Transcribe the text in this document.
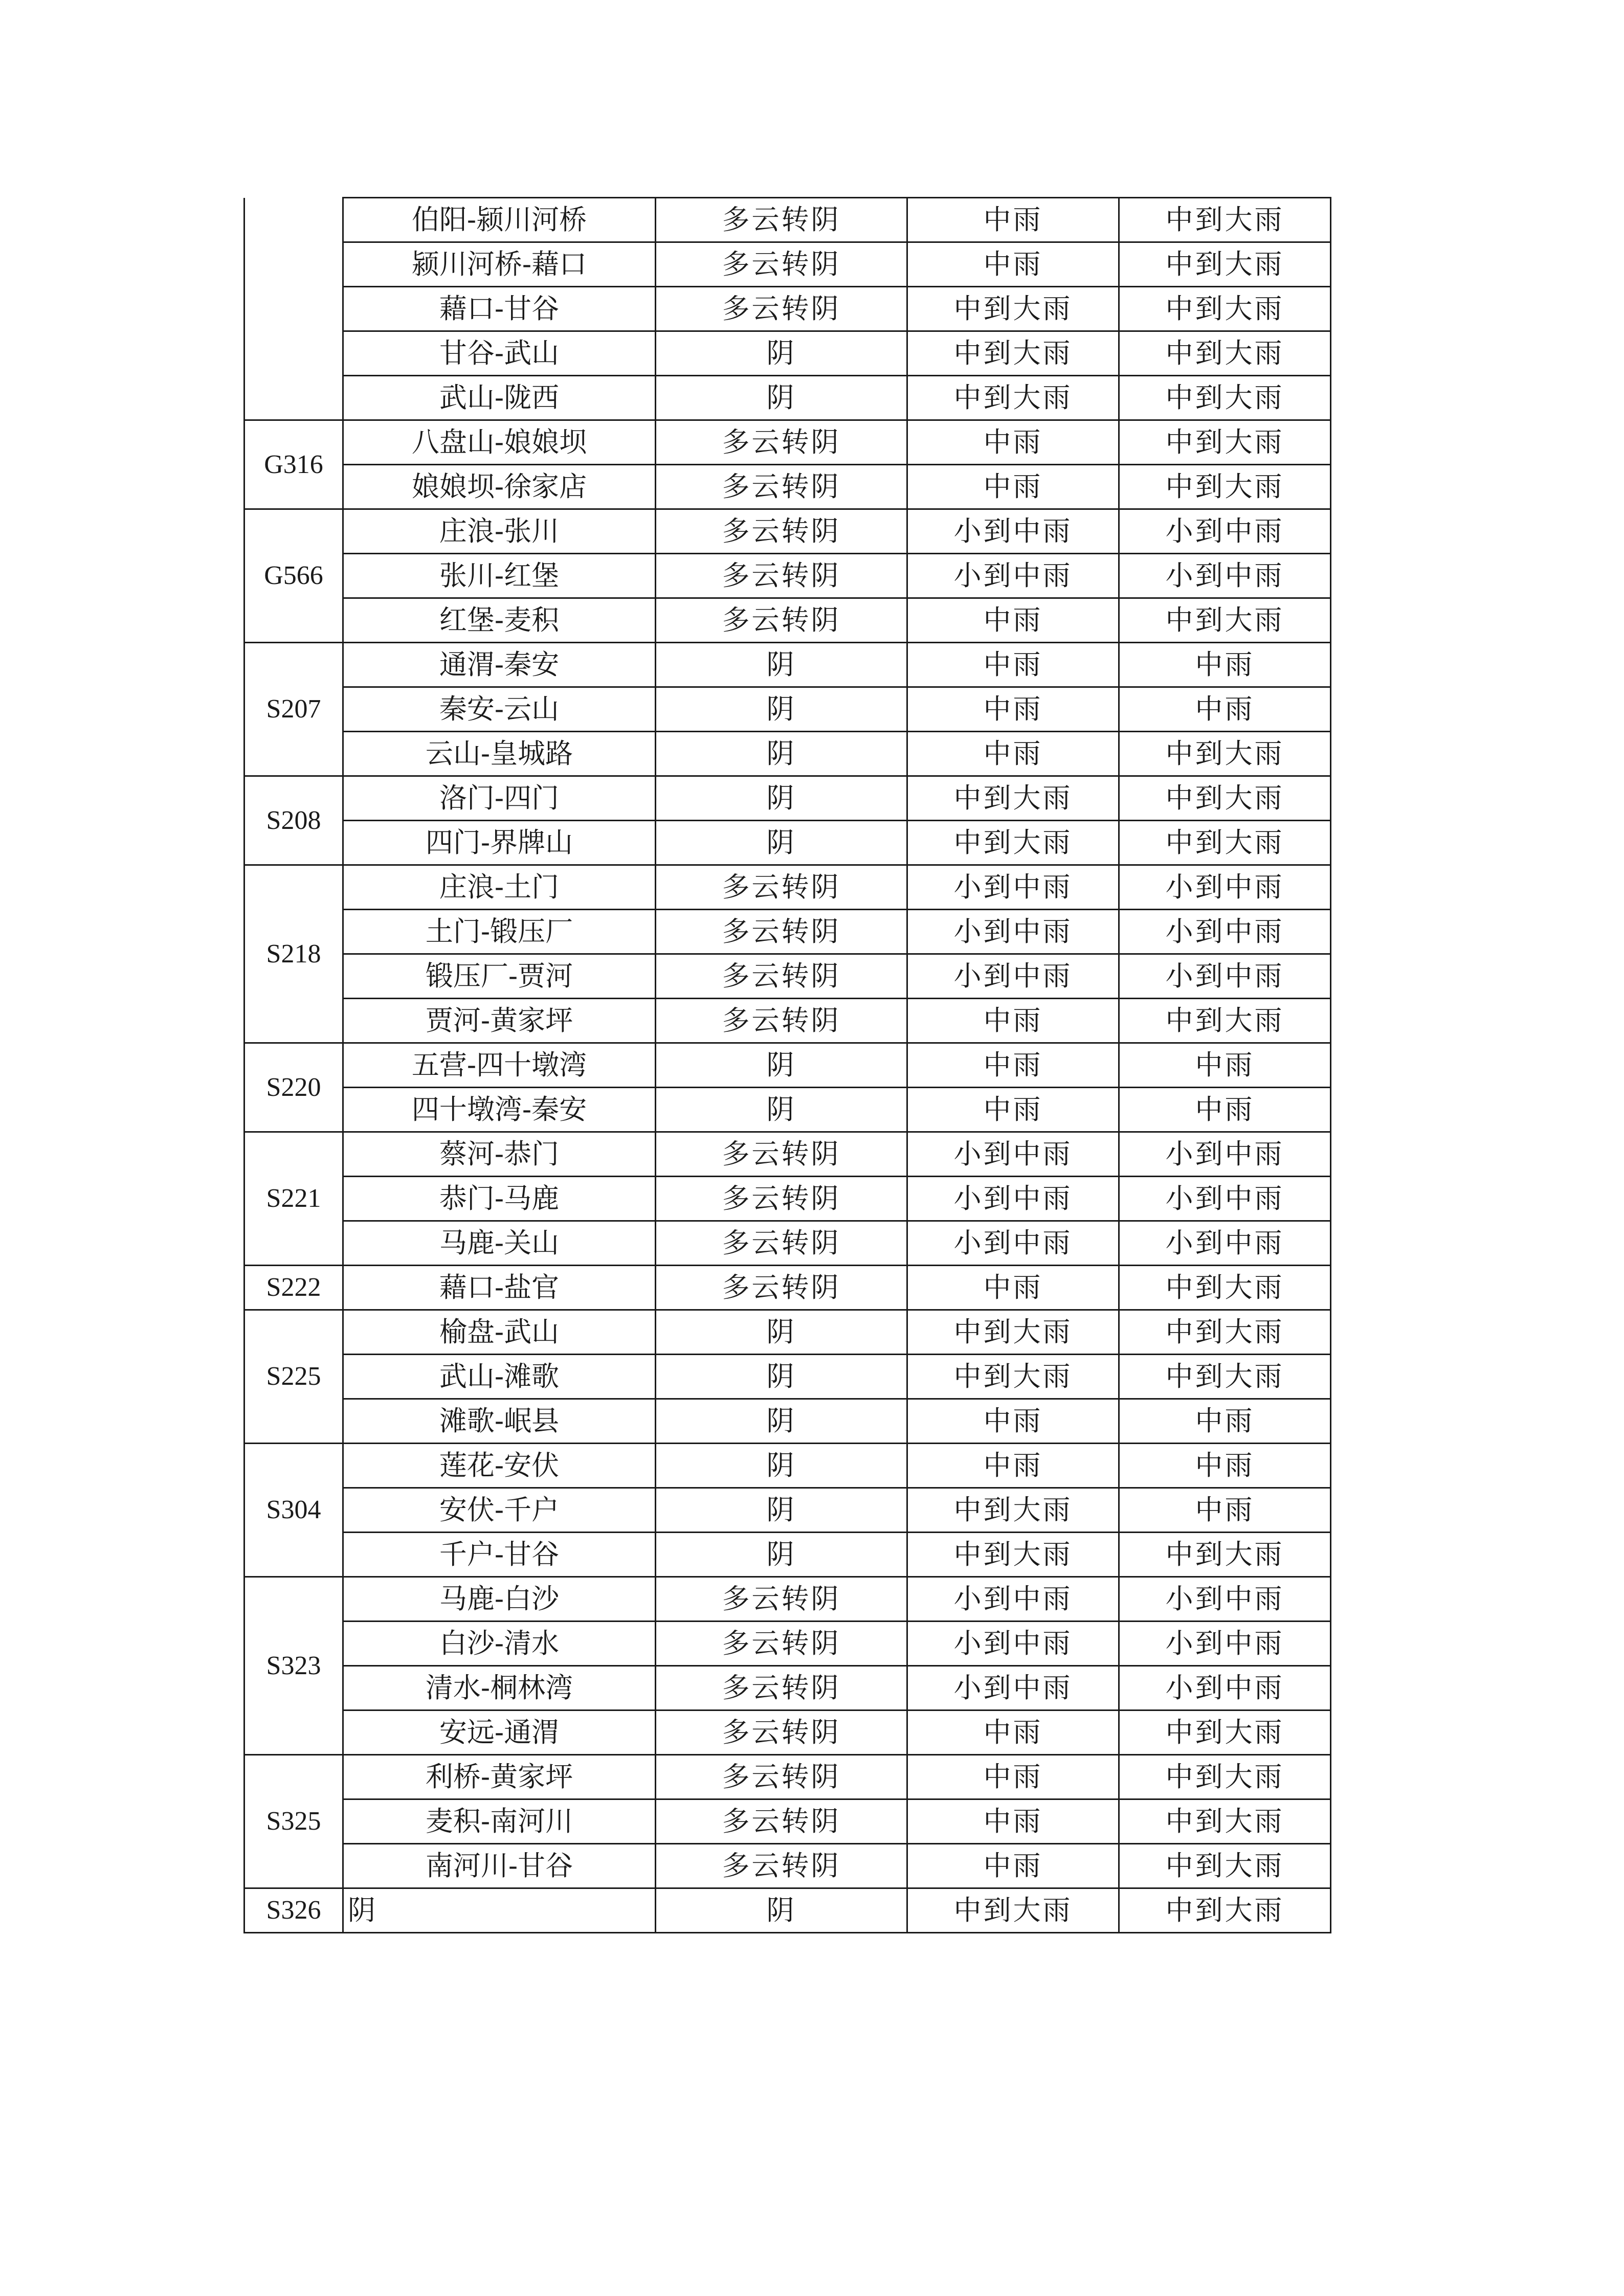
	伯阳-颍川河桥	多云转阴	中雨	中到大雨
	颍川河桥-藉口	多云转阴	中雨	中到大雨
	藉口-甘谷	多云转阴	中到大雨	中到大雨
	甘谷-武山	阴	中到大雨	中到大雨
	武山-陇西	阴	中到大雨	中到大雨
G316	八盘山-娘娘坝	多云转阴	中雨	中到大雨
	娘娘坝-徐家店	多云转阴	中雨	中到大雨
G566	庄浪-张川	多云转阴	小到中雨	小到中雨
	张川-红堡	多云转阴	小到中雨	小到中雨
	红堡-麦积	多云转阴	中雨	中到大雨
S207	通渭-秦安	阴	中雨	中雨
	秦安-云山	阴	中雨	中雨
	云山-皇城路	阴	中雨	中到大雨
S208	洛门-四门	阴	中到大雨	中到大雨
	四门-界牌山	阴	中到大雨	中到大雨
S218	庄浪-土门	多云转阴	小到中雨	小到中雨
	土门-锻压厂	多云转阴	小到中雨	小到中雨
	锻压厂-贾河	多云转阴	小到中雨	小到中雨
	贾河-黄家坪	多云转阴	中雨	中到大雨
S220	五营-四十墩湾	阴	中雨	中雨
	四十墩湾-秦安	阴	中雨	中雨
S221	蔡河-恭门	多云转阴	小到中雨	小到中雨
	恭门-马鹿	多云转阴	小到中雨	小到中雨
	马鹿-关山	多云转阴	小到中雨	小到中雨
S222	藉口-盐官	多云转阴	中雨	中到大雨
S225	榆盘-武山	阴	中到大雨	中到大雨
	武山-滩歌	阴	中到大雨	中到大雨
	滩歌-岷县	阴	中雨	中雨
S304	莲花-安伏	阴	中雨	中雨
	安伏-千户	阴	中到大雨	中雨
	千户-甘谷	阴	中到大雨	中到大雨
S323	马鹿-白沙	多云转阴	小到中雨	小到中雨
	白沙-清水	多云转阴	小到中雨	小到中雨
	清水-桐林湾	多云转阴	小到中雨	小到中雨
	安远-通渭	多云转阴	中雨	中到大雨
S325	利桥-黄家坪	多云转阴	中雨	中到大雨
	麦积-南河川	多云转阴	中雨	中到大雨
	南河川-甘谷	多云转阴	中雨	中到大雨
S326	阴	阴	中到大雨	中到大雨
